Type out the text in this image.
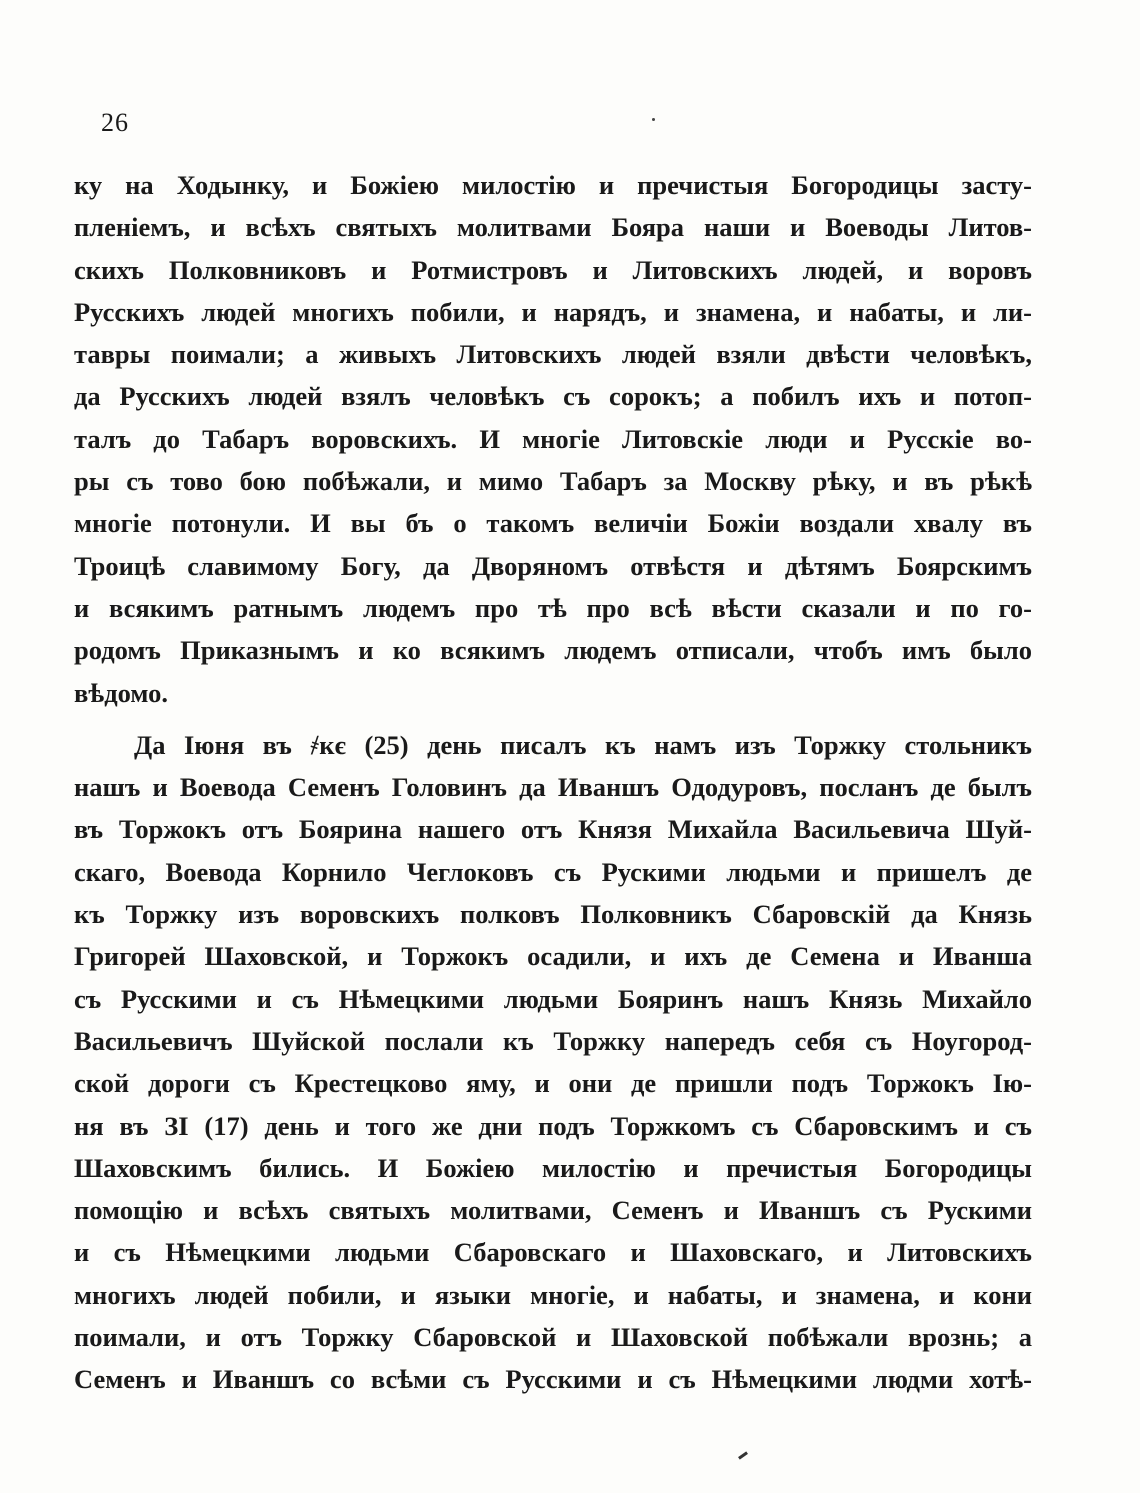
26
ку на Ходынку, и Божiею милостiю и пречистыя Богородицы засту-
пленiемъ, и всѣхъ святыхъ молитвами Бояра наши и Воеводы Литов-
скихъ Полковниковъ и Ротмистровъ и Литовскихъ людей, и воровъ
Русскихъ людей многихъ побили, и нарядъ, и знамена, и набаты, и ли-
тавры поимали; а живыхъ Литовскихъ людей взяли двѣсти человѣкъ,
да Русскихъ людей взялъ человѣкъ съ сорокъ; а побилъ ихъ и потоп-
талъ до Табаръ воровскихъ. И многiе Литовскiе люди и Русскiе во-
ры съ тово бою побѣжали, и мимо Табаръ за Москву рѣку, и въ рѣкѣ
многiе потонули. И вы бъ о такомъ величiи Божiи воздали хвалу въ
Троицѣ славимому Богу, да Дворяномъ отвѣстя и дѣтямъ Боярскимъ
и всякимъ ратнымъ людемъ про тѣ про всѣ вѣсти сказали и по го-
родомъ Приказнымъ и ко всякимъ людемъ отписали, чтобъ имъ было
вѣдомо.
Да Iюня въ ҂кє (25) день писалъ къ намъ изъ Торжку стольникъ
нашъ и Воевода Семенъ Головинъ да Иваншъ Ододуровъ, посланъ де былъ
въ Торжокъ отъ Боярина нашего отъ Князя Михайла Васильевича Шуй-
скаго, Воевода Корнило Чеглоковъ съ Рускими людьми и пришелъ де
къ Торжку изъ воровскихъ полковъ Полковникъ Сбаровскiй да Князь
Григорей Шаховской, и Торжокъ осадили, и ихъ де Семена и Иванша
съ Русскими и съ Нѣмецкими людьми Бояринъ нашъ Князь Михайло
Васильевичъ Шуйской послали къ Торжку напередъ себя съ Ноугород-
ской дороги съ Крестецково яму, и они де пришли подъ Торжокъ Iю-
ня въ ЗI (17) день и того же дни подъ Торжкомъ съ Сбаровскимъ и съ
Шаховскимъ бились. И Божiею милостiю и пречистыя Богородицы
помощiю и всѣхъ святыхъ молитвами, Семенъ и Иваншъ съ Рускими
и съ Нѣмецкими людьми Сбаровскаго и Шаховскаго, и Литовскихъ
многихъ людей побили, и языки многiе, и набаты, и знамена, и кони
поимали, и отъ Торжку Сбаровской и Шаховской побѣжали врознь; а
Семенъ и Иваншъ со всѣми съ Русскими и съ Нѣмецкими людми хотѣ-
